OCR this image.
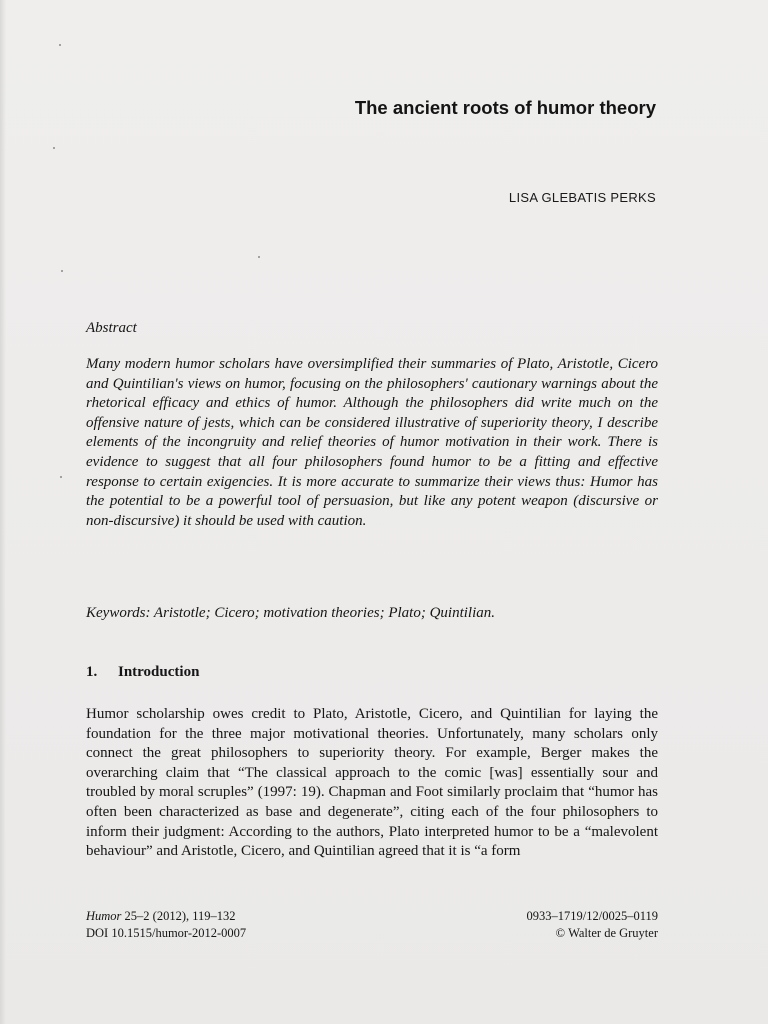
The ancient roots of humor theory
LISA GLEBATIS PERKS
Abstract

Many modern humor scholars have oversimplified their summaries of Plato, Aristotle, Cicero and Quintilian's views on humor, focusing on the philosophers' cautionary warnings about the rhetorical efficacy and ethics of humor. Although the philosophers did write much on the offensive nature of jests, which can be considered illustrative of superiority theory, I describe elements of the incongruity and relief theories of humor motivation in their work. There is evidence to suggest that all four philosophers found humor to be a fitting and effective response to certain exigencies. It is more accurate to summarize their views thus: Humor has the potential to be a powerful tool of persuasion, but like any potent weapon (discursive or non-discursive) it should be used with caution.

Keywords: Aristotle; Cicero; motivation theories; Plato; Quintilian.

1. Introduction

Humor scholarship owes credit to Plato, Aristotle, Cicero, and Quintilian for laying the foundation for the three major motivational theories. Unfortunately, many scholars only connect the great philosophers to superiority theory. For example, Berger makes the overarching claim that “The classical approach to the comic [was] essentially sour and troubled by moral scruples” (1997: 19). Chapman and Foot similarly proclaim that “humor has often been characterized as base and degenerate”, citing each of the four philosophers to inform their judgment: According to the authors, Plato interpreted humor to be a “malevolent behaviour” and Aristotle, Cicero, and Quintilian agreed that it is “a form

Humor 25–2 (2012), 119–132
DOI 10.1515/humor-2012-0007
0933–1719/12/0025–0119
© Walter de Gruyter
